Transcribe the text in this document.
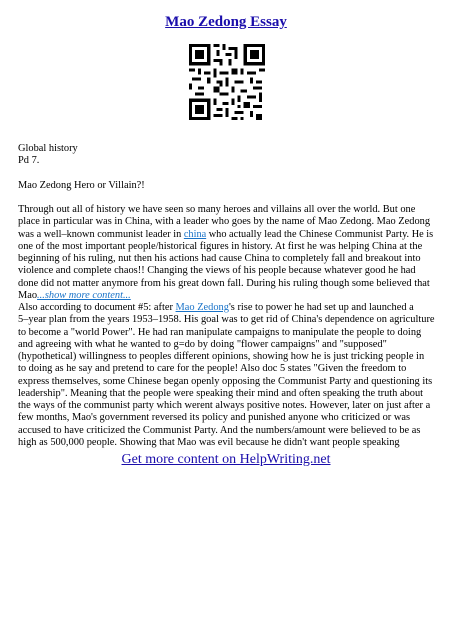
Mao Zedong Essay
Global history
Pd 7.
Mao Zedong Hero or Villain?!
Through out all of history we have seen so many heroes and villains all over the world. But one
place in particular was in China, with a leader who goes by the name of Mao Zedong. Mao Zedong
was a well–known communist leader in china who actually lead the Chinese Communist Party. He is
one of the most important people/historical figures in history. At first he was helping China at the
beginning of his ruling, nut then his actions had cause China to completely fall and breakout into
violence and complete chaos!! Changing the views of his people because whatever good he had
done did not matter anymore from his great down fall. During his ruling though some believed that
Mao...show more content...
Also according to document #5: after Mao Zedong's rise to power he had set up and launched a
5–year plan from the years 1953–1958. His goal was to get rid of China's dependence on agriculture
to become a "world Power". He had ran manipulate campaigns to manipulate the people to doing
and agreeing with what he wanted to g=do by doing "flower campaigns" and "supposed"
(hypothetical) willingness to peoples different opinions, showing how he is just tricking people in
to doing as he say and pretend to care for the people! Also doc 5 states "Given the freedom to
express themselves, some Chinese began openly opposing the Communist Party and questioning its
leadership". Meaning that the people were speaking their mind and often speaking the truth about
the ways of the communist party which werent always positive notes. However, later on just after a
few months, Mao's government reversed its policy and punished anyone who criticized or was
accused to have criticized the Communist Party. And the numbers/amount were believed to be as
high as 500,000 people. Showing that Mao was evil because he didn't want people speaking
Get more content on HelpWriting.net
